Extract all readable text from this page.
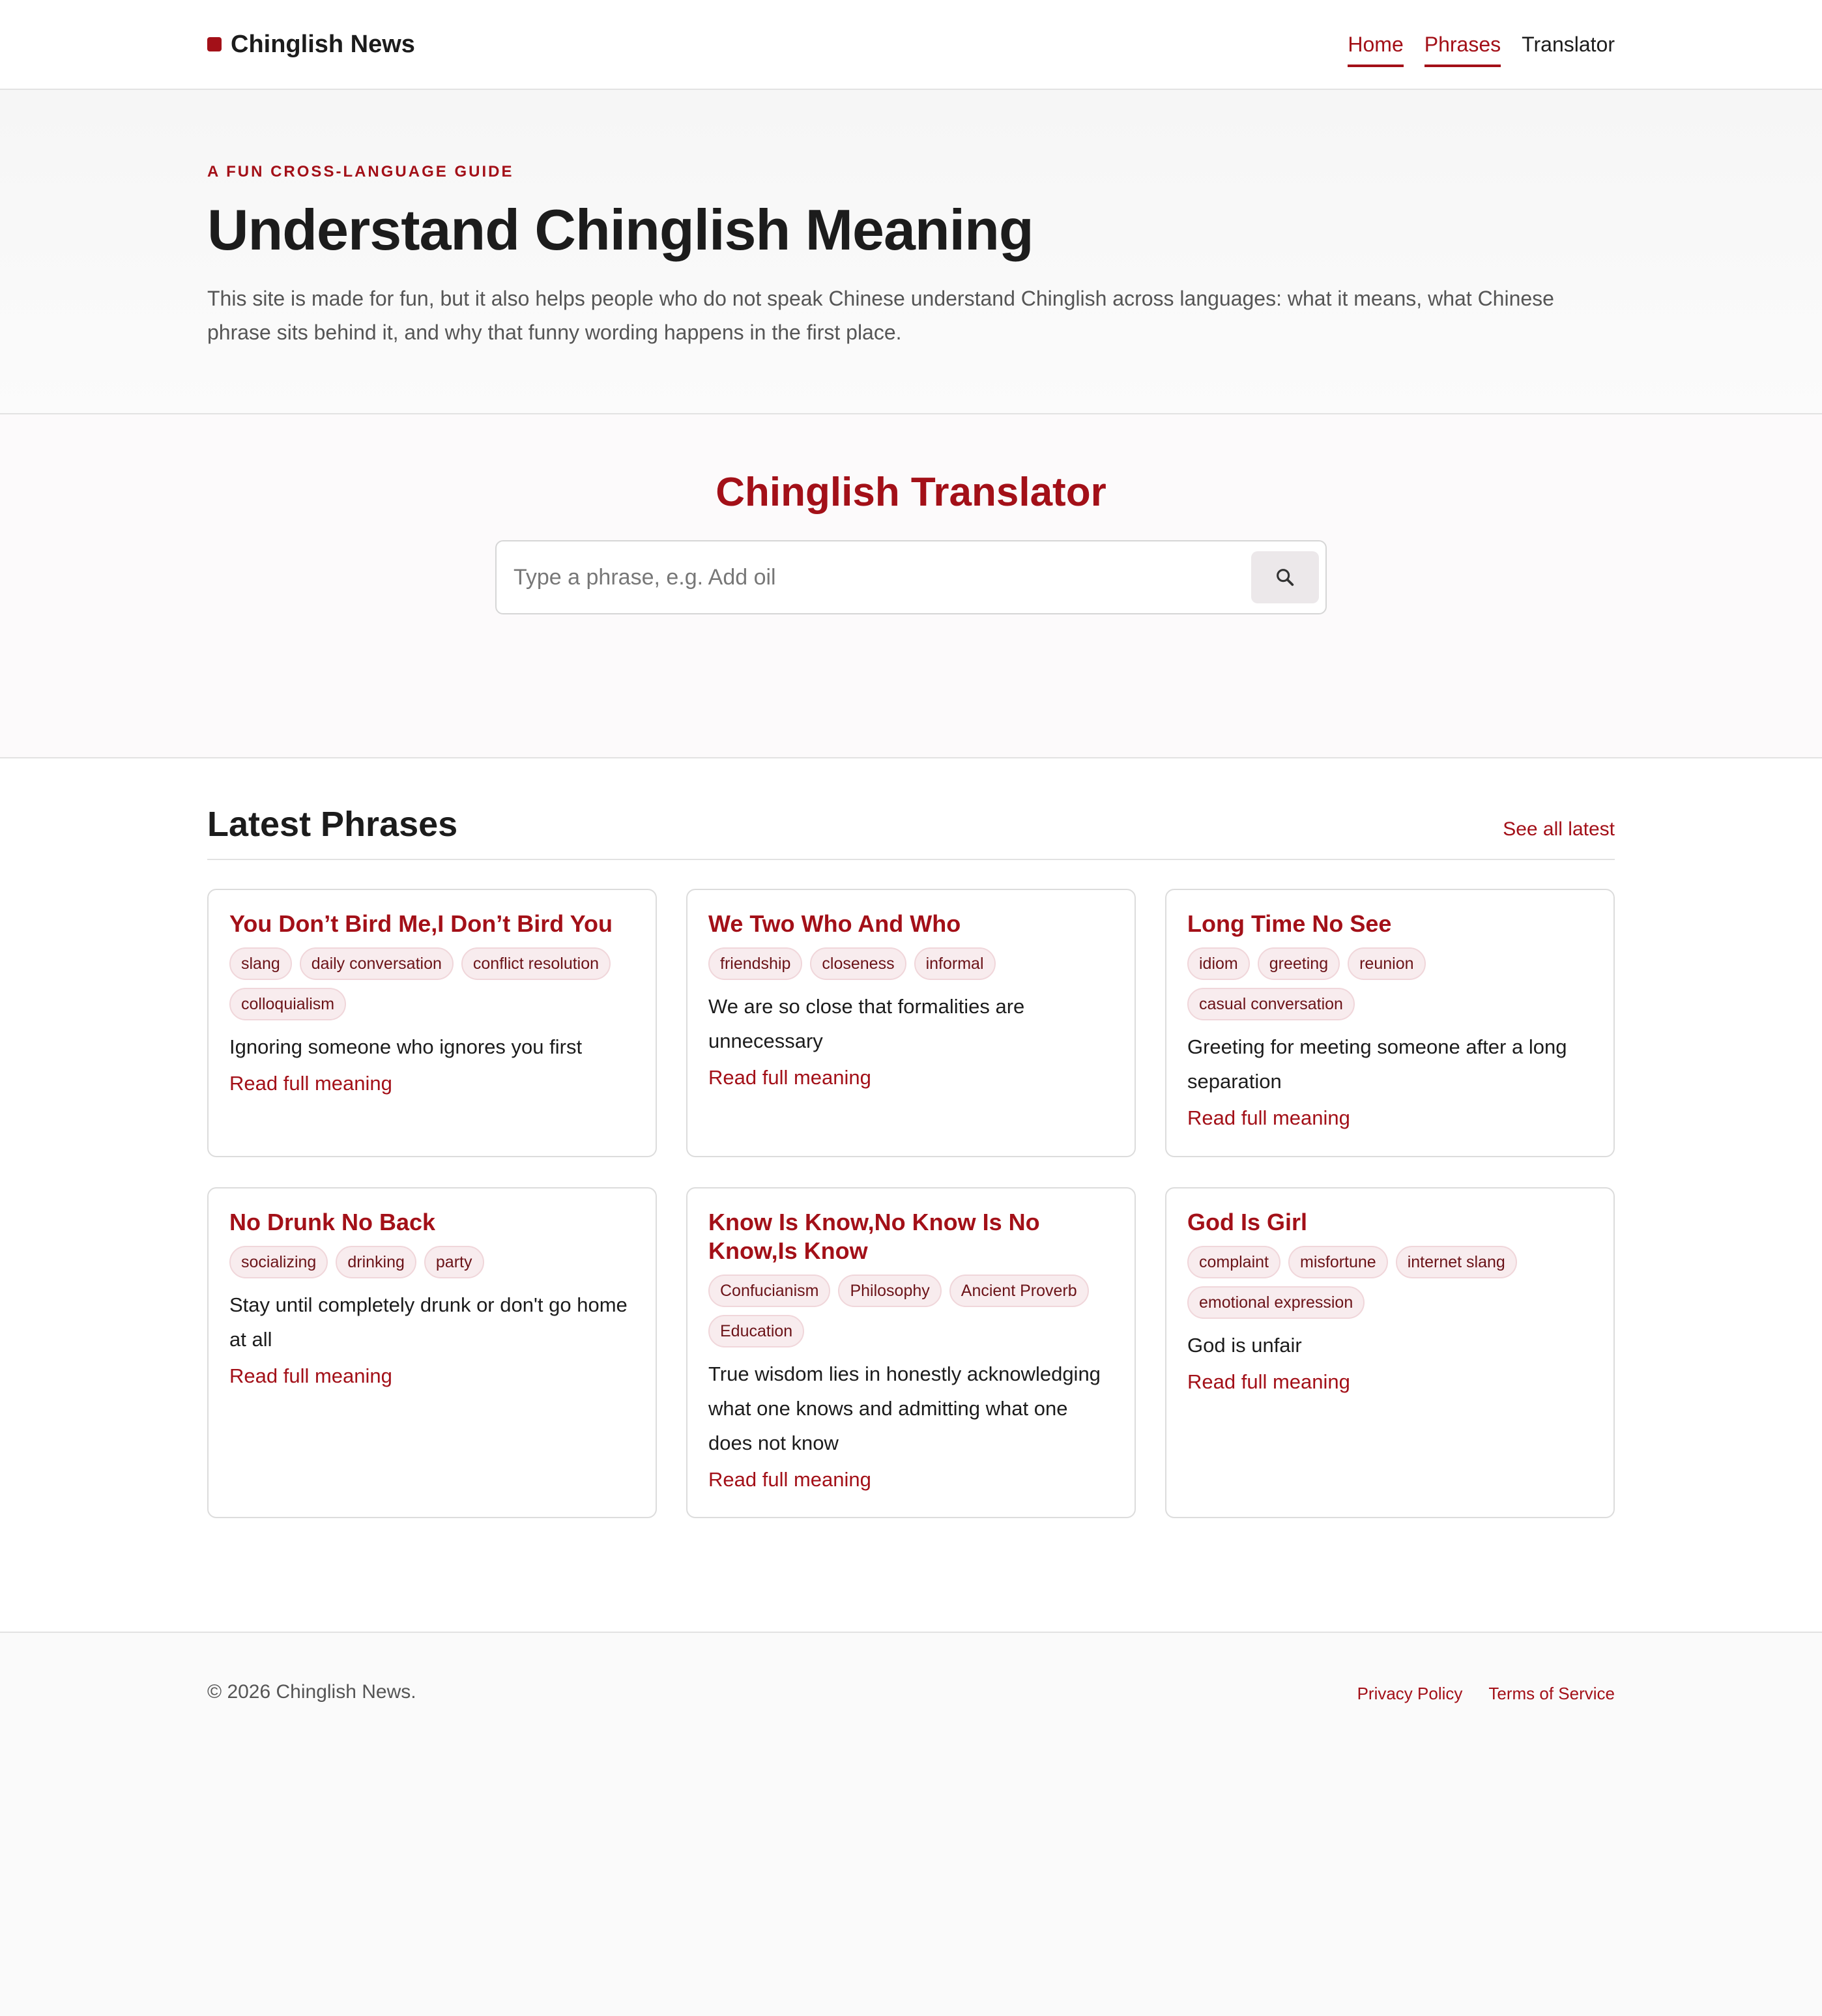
Chinglish News	Home Phrases Translator
A FUN CROSS-LANGUAGE GUIDE
Understand Chinglish Meaning

This site is made for fun, but it also helps people who do not speak Chinese understand Chinglish across languages: what it means, what Chinese phrase sits behind it, and why that funny wording happens in the first place.

Chinglish Translator
Type a phrase, e.g. Add oil
Latest Phrases	See all latest
You Don’t Bird Me,I Don’t Bird You
slang	daily conversation	conflict resolution
colloquialism
Ignoring someone who ignores you first
Read full meaning
We Two Who And Who
friendship	closeness	informal
We are so close that formalities are unnecessary
Read full meaning
Long Time No See
idiom	greeting	reunion
casual conversation
Greeting for meeting someone after a long separation
Read full meaning
No Drunk No Back
socializing	drinking	party
Stay until completely drunk or don't go home at all
Read full meaning
Know Is Know,No Know Is No Know,Is Know
Confucianism	Philosophy	Ancient Proverb
Education
True wisdom lies in honestly acknowledging what one knows and admitting what one does not know
Read full meaning
God Is Girl
complaint	misfortune	internet slang
emotional expression
God is unfair
Read full meaning
© 2026 Chinglish News.	Privacy Policy Terms of Service
